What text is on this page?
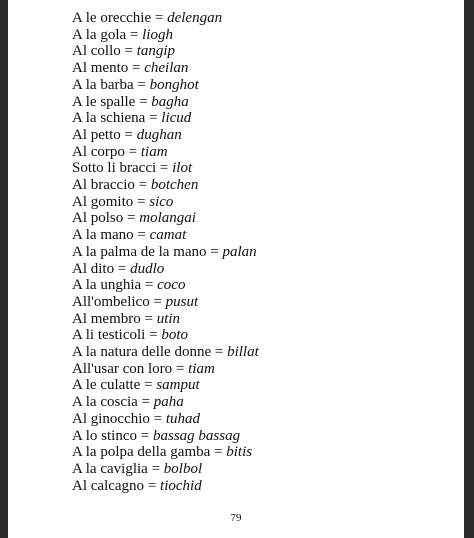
A le orecchie = delengan
A la gola = liogh
Al collo = tangip
Al mento = cheilan
A la barba = bonghot
A le spalle = bagha
A la schiena = licud
Al petto = dughan
Al corpo = tiam
Sotto li bracci = ilot
Al braccio = botchen
Al gomito = sico
Al polso = molangai
A la mano = camat
A la palma de la mano = palan
Al dito = dudlo
A la unghia = coco
All'ombelico = pusut
Al membro = utin
A li testicoli = boto
A la natura delle donne = billat
All'usar con loro = tiam
A le culatte = samput
A la coscia = paha
Al ginocchio = tuhad
A lo stinco = bassag bassag
A la polpa della gamba = bitis
A la caviglia = bolbol
Al calcagno = tiochid
79
